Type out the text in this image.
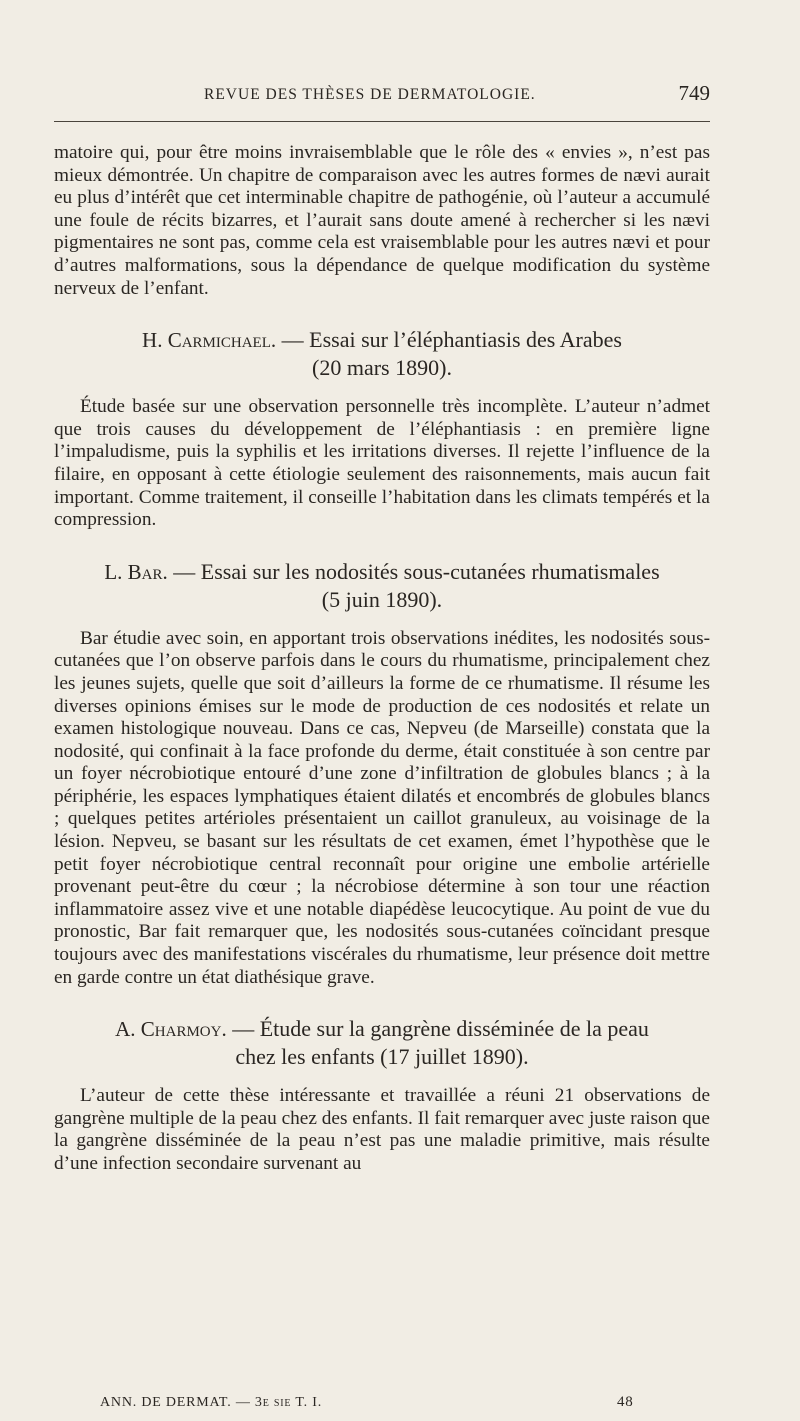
REVUE DES THÈSES DE DERMATOLOGIE.	749

matoire qui, pour être moins invraisemblable que le rôle des « envies », n’est pas mieux démontrée. Un chapitre de comparaison avec les autres formes de nævi aurait eu plus d’intérêt que cet interminable chapitre de pathogénie, où l’auteur a accumulé une foule de récits bizarres, et l’aurait sans doute amené à rechercher si les nævi pigmentaires ne sont pas, comme cela est vraisemblable pour les autres nævi et pour d’autres malformations, sous la dépendance de quelque modification du système nerveux de l’enfant.

H. Carmichael. — Essai sur l’éléphantiasis des Arabes
(20 mars 1890).

Étude basée sur une observation personnelle très incomplète. L’auteur n’admet que trois causes du développement de l’éléphantiasis : en première ligne l’impaludisme, puis la syphilis et les irritations diverses. Il rejette l’influence de la filaire, en opposant à cette étiologie seulement des raisonnements, mais aucun fait important. Comme traitement, il conseille l’habitation dans les climats tempérés et la compression.

L. Bar. — Essai sur les nodosités sous-cutanées rhumatismales
(5 juin 1890).

Bar étudie avec soin, en apportant trois observations inédites, les nodosités sous-cutanées que l’on observe parfois dans le cours du rhumatisme, principalement chez les jeunes sujets, quelle que soit d’ailleurs la forme de ce rhumatisme. Il résume les diverses opinions émises sur le mode de production de ces nodosités et relate un examen histologique nouveau. Dans ce cas, Nepveu (de Marseille) constata que la nodosité, qui confinait à la face profonde du derme, était constituée à son centre par un foyer nécrobiotique entouré d’une zone d’infiltration de globules blancs ; à la périphérie, les espaces lymphatiques étaient dilatés et encombrés de globules blancs ; quelques petites artérioles présentaient un caillot granuleux, au voisinage de la lésion. Nepveu, se basant sur les résultats de cet examen, émet l’hypothèse que le petit foyer nécrobiotique central reconnaît pour origine une embolie artérielle provenant peut-être du cœur ; la nécrobiose détermine à son tour une réaction inflammatoire assez vive et une notable diapédèse leucocytique. Au point de vue du pronostic, Bar fait remarquer que, les nodosités sous-cutanées coïncidant presque toujours avec des manifestations viscérales du rhumatisme, leur présence doit mettre en garde contre un état diathésique grave.

A. Charmoy. — Étude sur la gangrène disséminée de la peau
chez les enfants (17 juillet 1890).

L’auteur de cette thèse intéressante et travaillée a réuni 21 observations de gangrène multiple de la peau chez des enfants. Il fait remarquer avec juste raison que la gangrène disséminée de la peau n’est pas une maladie primitive, mais résulte d’une infection secondaire survenant au

ANN. DE DERMAT. — 3e sie T. I.	48
